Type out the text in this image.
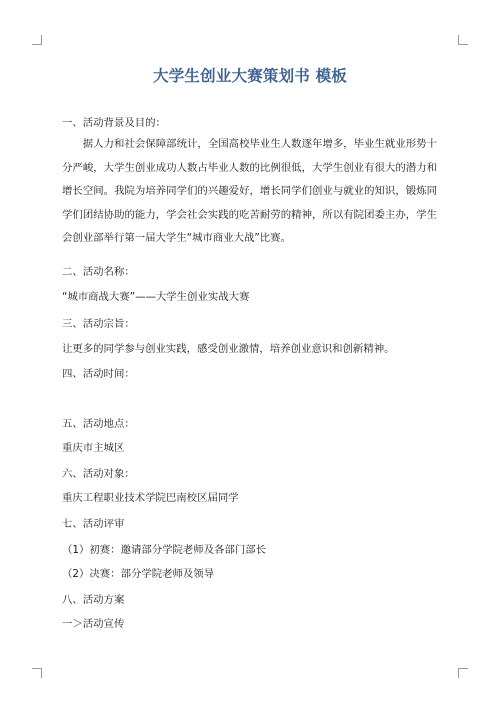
大学生创业大赛策划书 模板
一、活动背景及目的：

据人力和社会保障部统计，全国高校毕业生人数逐年增多，毕业生就业形势十分严峻，大学生创业成功人数占毕业人数的比例很低，大学生创业有很大的潜力和增长空间。我院为培养同学们的兴趣爱好，增长同学们创业与就业的知识，锻炼同学们团结协助的能力，学会社会实践的吃苦耐劳的精神，所以有院团委主办，学生会创业部举行第一届大学生“城市商业大战”比赛。

二、活动名称：
“城市商战大赛”——大学生创业实战大赛
三、活动宗旨：
让更多的同学参与创业实践，感受创业激情，培养创业意识和创新精神。
四、活动时间：
五、活动地点：
重庆市主城区
六、活动对象：
重庆工程职业技术学院巴南校区届同学
七、活动评审
（1）初赛：邀请部分学院老师及各部门部长
（2）决赛：部分学院老师及领导
八、活动方案
一＞活动宣传
